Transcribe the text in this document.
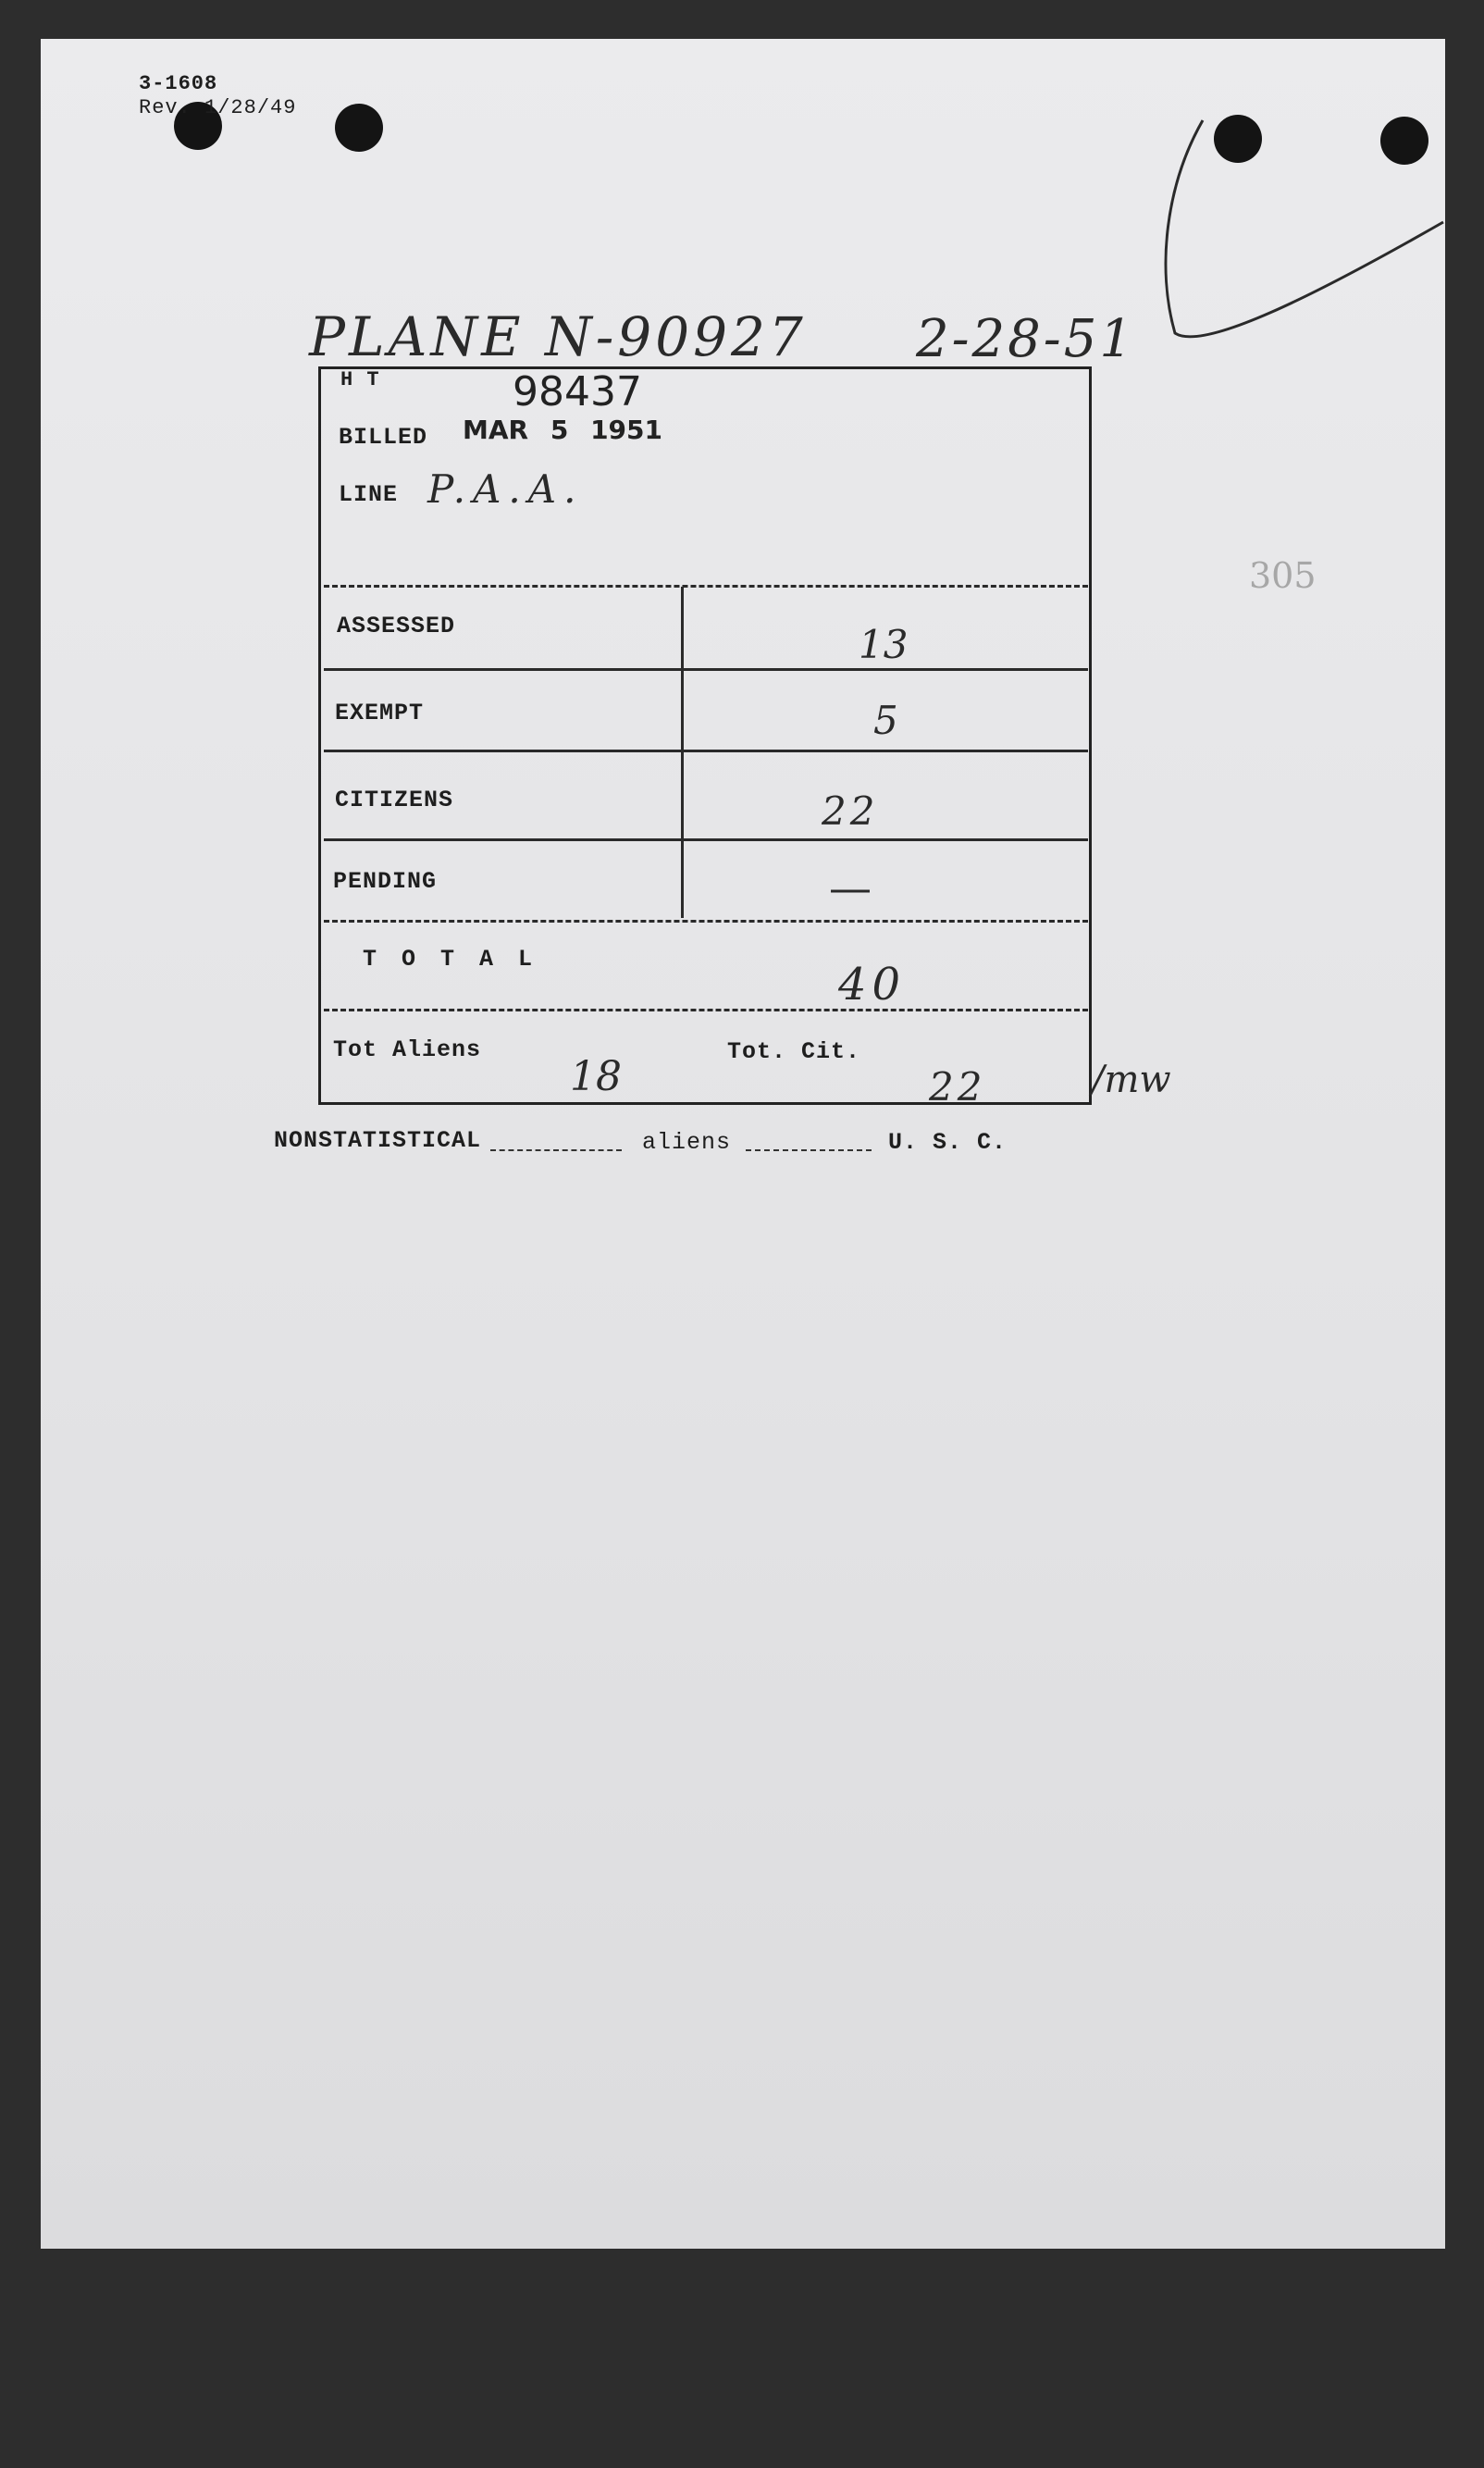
3-1608
Rev. 1/28/49
PLANE N-90927 2-28-51
305
H T	98437
BILLED MAR 5 1951
LINE P.A.A.
ASSESSED	13
EXEMPT	5
CITIZENS	22
PENDING	—
T O T A L	40
Tot Aliens
18
Tot. Cit.
22	/mw
NONSTATISTICAL	aliens	U. S. C.
